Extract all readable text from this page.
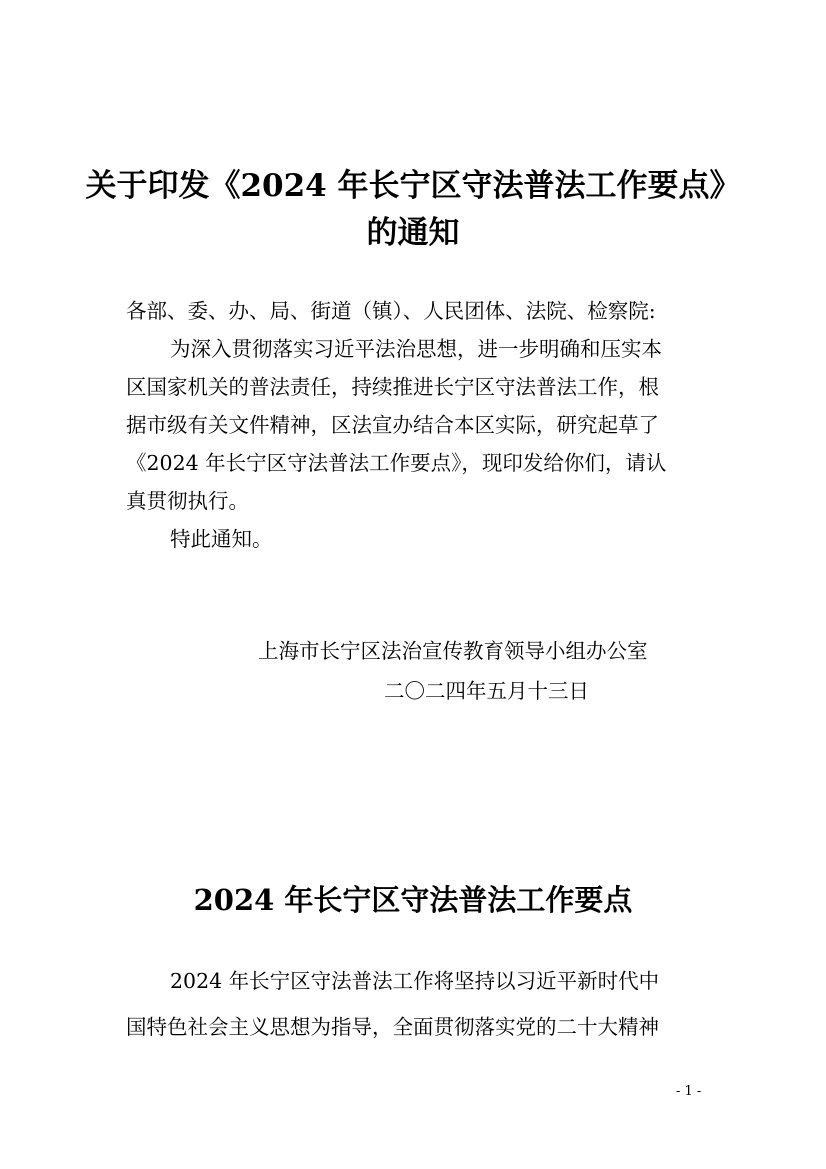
关于印发《2024 年长宁区守法普法工作要点》
的通知

各部、委、办、局、街道（镇）、人民团体、法院、检察院:

为深入贯彻落实习近平法治思想，进一步明确和压实本

区国家机关的普法责任，持续推进长宁区守法普法工作，根

据市级有关文件精神，区法宣办结合本区实际，研究起草了

《2024 年长宁区守法普法工作要点》，现印发给你们，请认

真贯彻执行。

特此通知。

上海市长宁区法治宣传教育领导小组办公室

二〇二四年五月十三日

2024 年长宁区守法普法工作要点

2024 年长宁区守法普法工作将坚持以习近平新时代中

国特色社会主义思想为指导，全面贯彻落实党的二十大精神

- 1 -
